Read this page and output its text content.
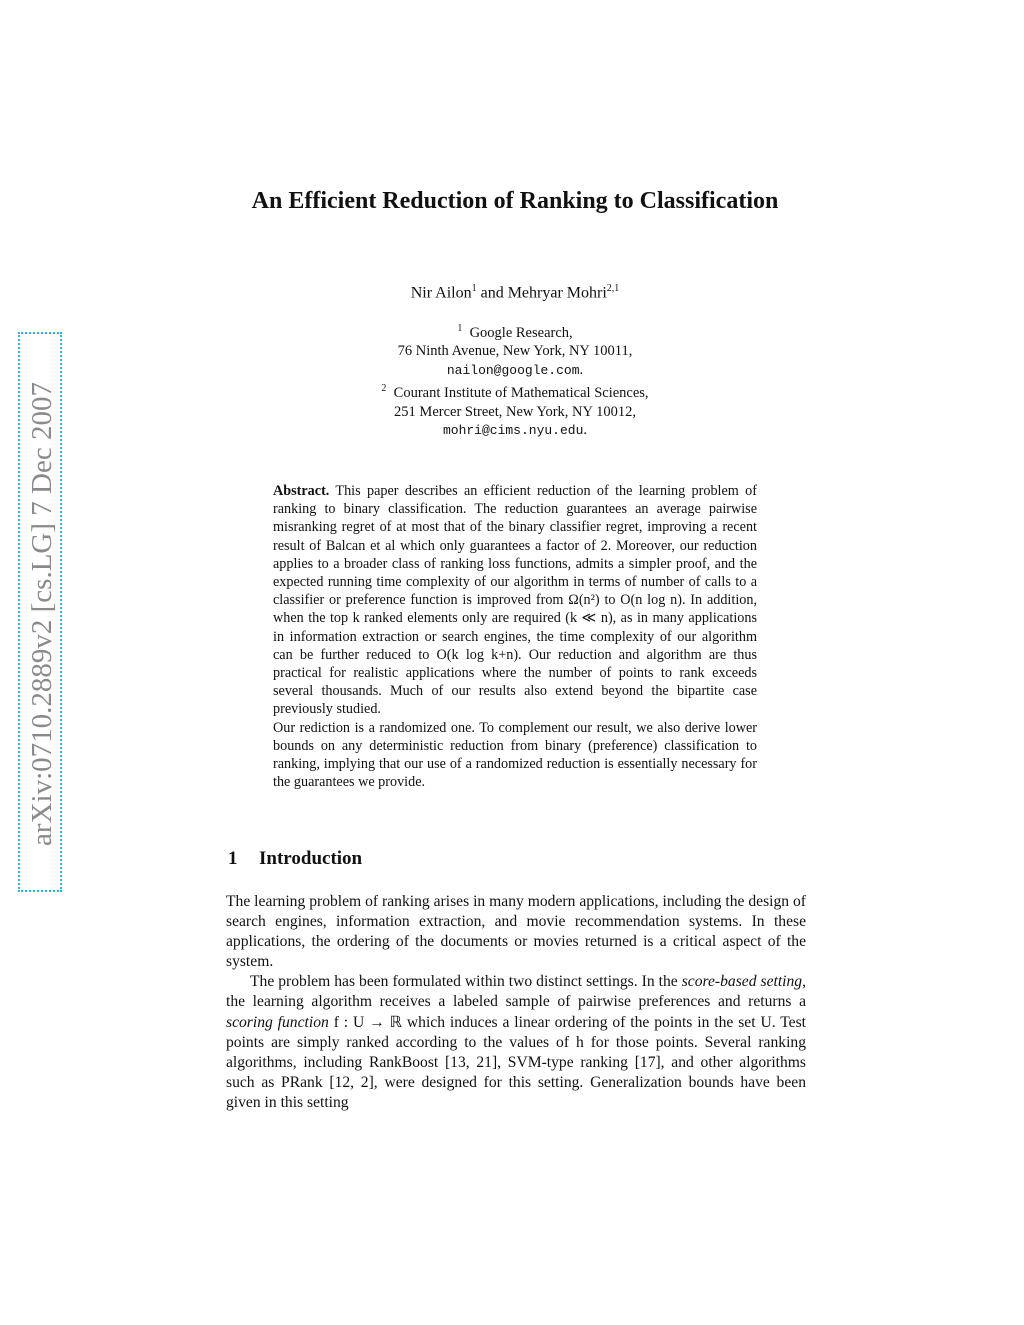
arXiv:0710.2889v2 [cs.LG] 7 Dec 2007
An Efficient Reduction of Ranking to Classification
Nir Ailon$^1$ and Mehryar Mohri$^{2,1}$
$^1$ Google Research,
76 Ninth Avenue, New York, NY 10011,
nailon@google.com.
$^2$ Courant Institute of Mathematical Sciences,
251 Mercer Street, New York, NY 10012,
mohri@cims.nyu.edu.

Abstract. This paper describes an efficient reduction of the learning problem of ranking to binary classification. The reduction guarantees an average pairwise misranking regret of at most that of the binary classifier regret, improving a recent result of Balcan et al which only guarantees a factor of 2. Moreover, our reduction applies to a broader class of ranking loss functions, admits a simpler proof, and the expected running time complexity of our algorithm in terms of number of calls to a classifier or preference function is improved from Ω(n²) to O(n log n). In addition, when the top k ranked elements only are required (k ≪ n), as in many applications in information extraction or search engines, the time complexity of our algorithm can be further reduced to O(k log k+n). Our reduction and algorithm are thus practical for realistic applications where the number of points to rank exceeds several thousands. Much of our results also extend beyond the bipartite case previously studied.

Our rediction is a randomized one. To complement our result, we also derive lower bounds on any deterministic reduction from binary (preference) classification to ranking, implying that our use of a randomized reduction is essentially necessary for the guarantees we provide.

1 Introduction

The learning problem of ranking arises in many modern applications, including the design of search engines, information extraction, and movie recommendation systems. In these applications, the ordering of the documents or movies returned is a critical aspect of the system.

The problem has been formulated within two distinct settings. In the score-based setting, the learning algorithm receives a labeled sample of pairwise preferences and returns a scoring function f : U → ℝ which induces a linear ordering of the points in the set U. Test points are simply ranked according to the values of h for those points. Several ranking algorithms, including RankBoost [13, 21], SVM-type ranking [17], and other algorithms such as PRank [12, 2], were designed for this setting. Generalization bounds have been given in this setting
